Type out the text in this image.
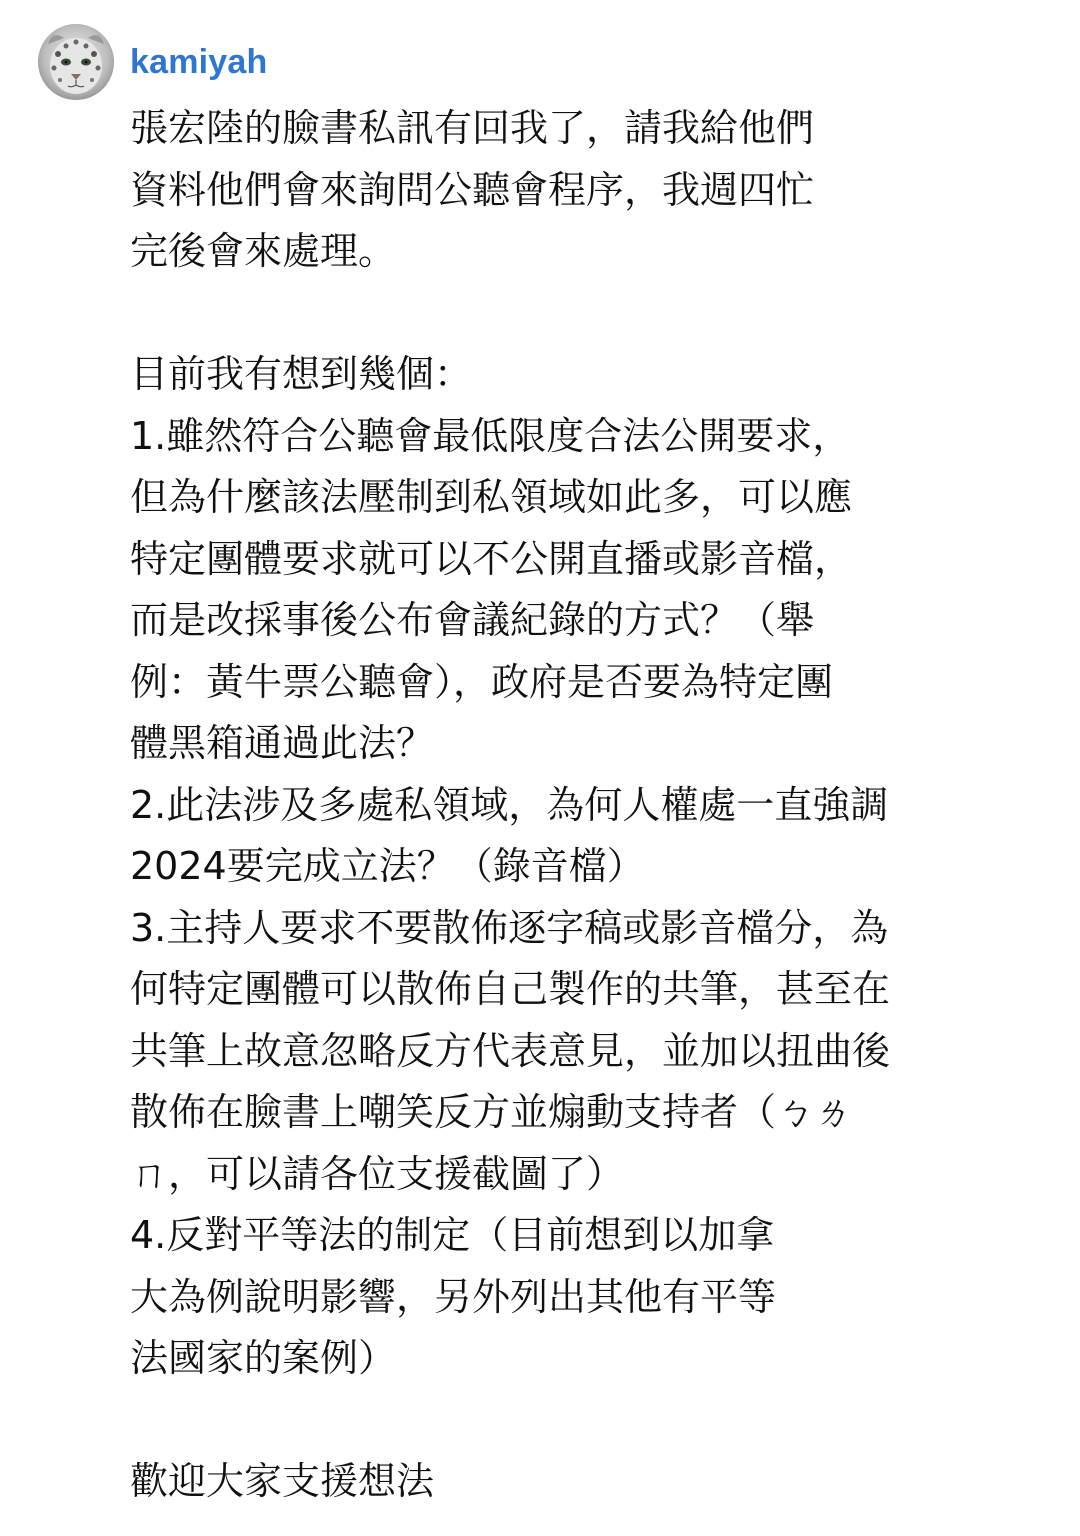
kamiyah
張宏陸的臉書私訊有回我了，請我給他們
資料他們會來詢問公聽會程序，我週四忙
完後會來處理。
目前我有想到幾個：
1.雖然符合公聽會最低限度合法公開要求，
但為什麼該法壓制到私領域如此多，可以應
特定團體要求就可以不公開直播或影音檔，
而是改採事後公布會議紀錄的方式？（舉
例：黃牛票公聽會），政府是否要為特定團
體黑箱通過此法？
2.此法涉及多處私領域，為何人權處一直強調
2024要完成立法？（錄音檔）
3.主持人要求不要散佈逐字稿或影音檔分，為
何特定團體可以散佈自己製作的共筆，甚至在
共筆上故意忽略反方代表意見，並加以扭曲後
散佈在臉書上嘲笑反方並煽動支持者（ㄅㄌ
ㄇ，可以請各位支援截圖了）
4.反對平等法的制定（目前想到以加拿
大為例說明影響，另外列出其他有平等
法國家的案例）
歡迎大家支援想法
